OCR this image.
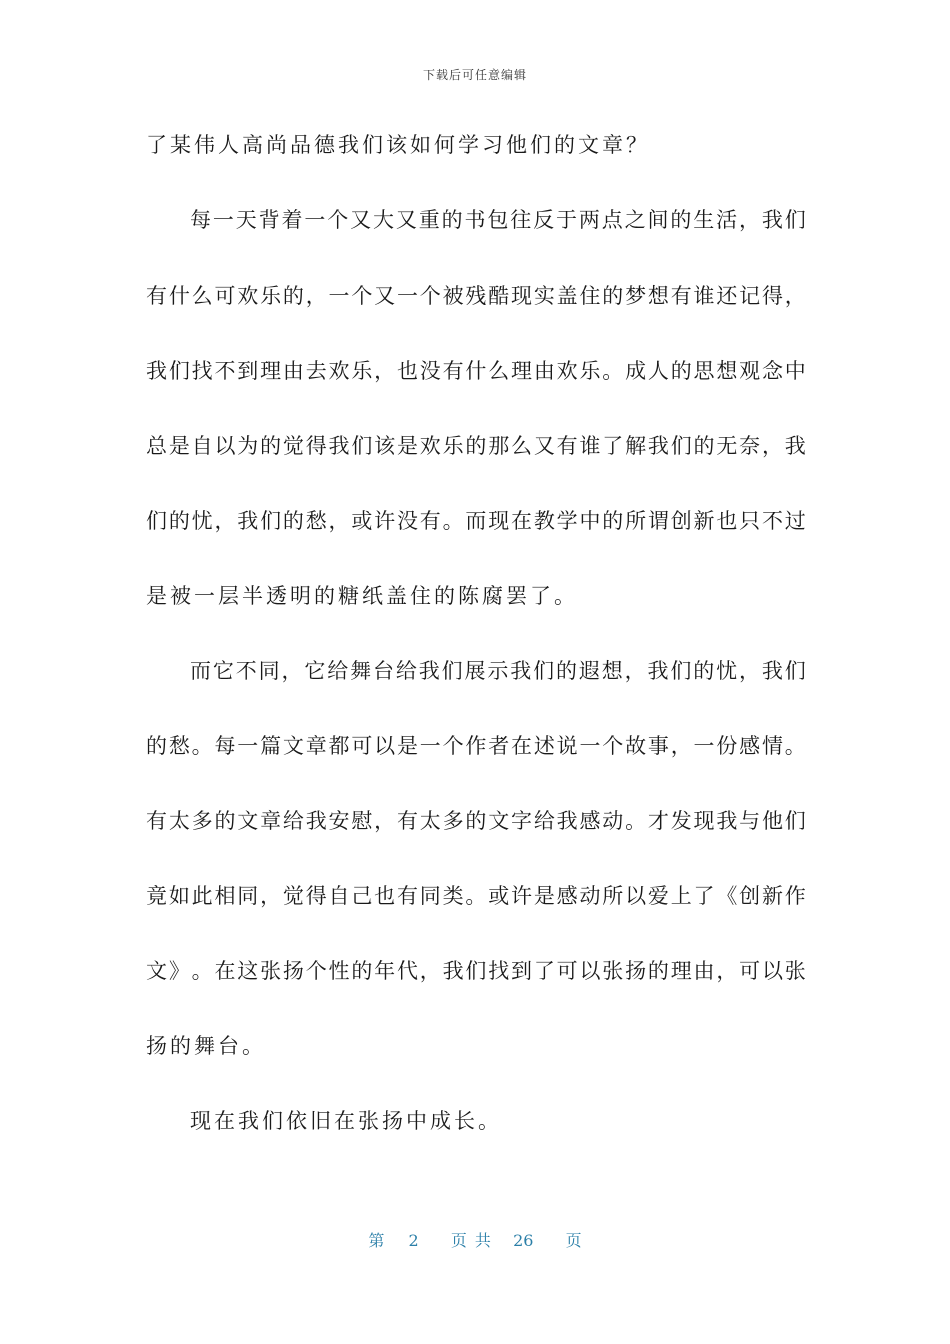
下载后可任意编辑
了某伟人高尚品德我们该如何学习他们的文章？
每 一 天 背 着 一 个 又 大 又 重 的 书 包 往 反 于 两 点 之 间 的 生 活 ， 我 们
有 什 么 可 欢 乐 的 ， 一 个 又 一 个 被 残 酷 现 实 盖 住 的 梦 想 有 谁 还 记 得 ，
我 们 找 不 到 理 由 去 欢 乐 ， 也 没 有 什 么 理 由 欢 乐 。 成 人 的 思 想 观 念 中
总 是 自 以 为 的 觉 得 我 们 该 是 欢 乐 的 那 么 又 有 谁 了 解 我 们 的 无 奈 ， 我
们 的 忧 ， 我 们 的 愁 ， 或 许 没 有 。 而 现 在 教 学 中 的 所 谓 创 新 也 只 不 过
是被一层半透明的糖纸盖住的陈腐罢了。
而 它 不 同 ， 它 给 舞 台 给 我 们 展 示 我 们 的 遐 想 ， 我 们 的 忧 ， 我 们
的 愁 。 每 一 篇 文 章 都 可 以 是 一 个 作 者 在 述 说 一 个 故 事 ， 一 份 感 情 。
有 太 多 的 文 章 给 我 安 慰 ， 有 太 多 的 文 字 给 我 感 动 。 才 发 现 我 与 他 们
竟 如 此 相 同 ， 觉 得 自 己 也 有 同 类 。 或 许 是 感 动 所 以 爱 上 了 《 创 新 作
文 》 。 在 这 张 扬 个 性 的 年 代 ， 我 们 找 到 了 可 以 张 扬 的 理 由 ， 可 以 张
扬的舞台。
现在我们依旧在张扬中成长。
第 2 页共 26 页
